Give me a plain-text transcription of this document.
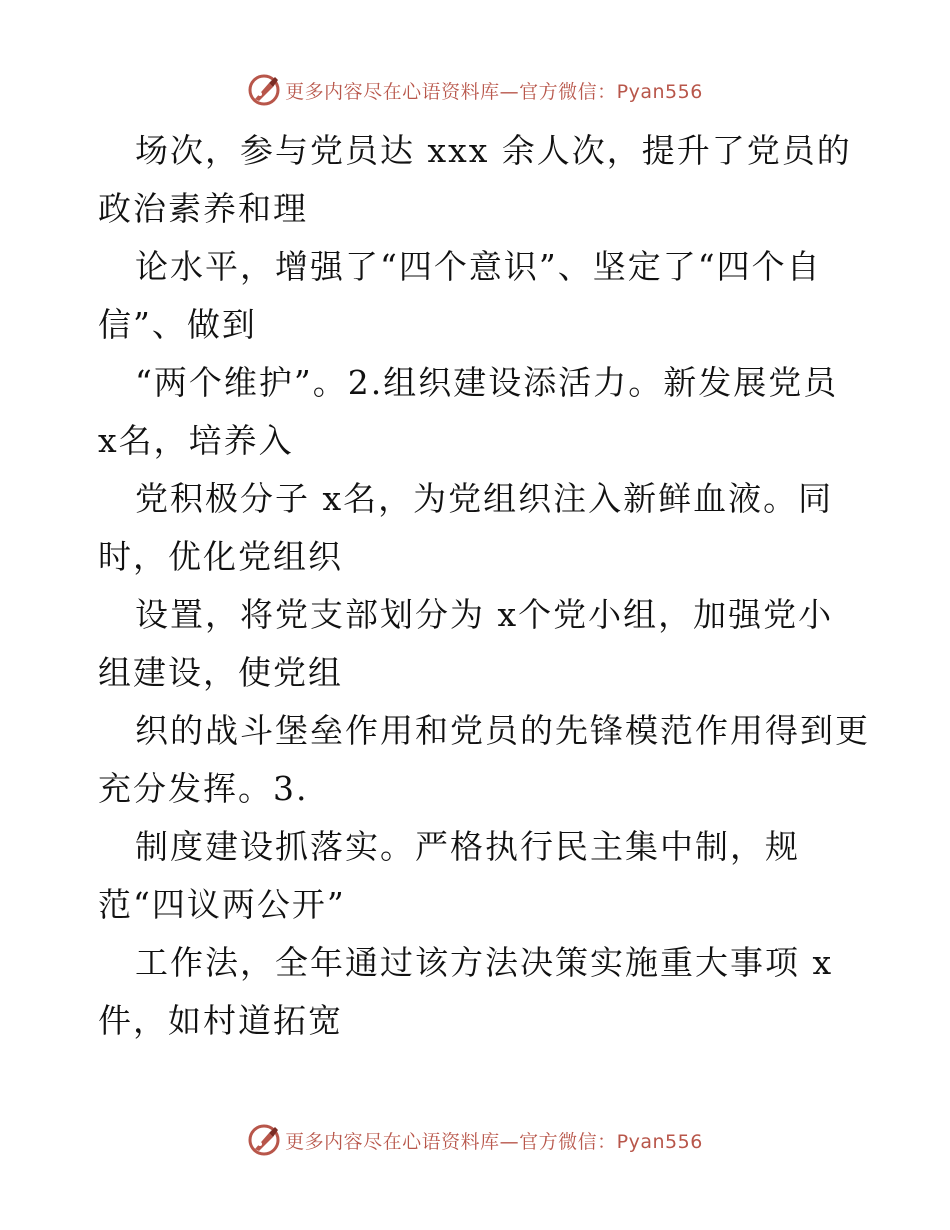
更多内容尽在心语资料库—官方微信：Pyan556
场次，参与党员达 xxx 余人次，提升了党员的
政治素养和理
论水平，增强了“四个意识”、坚定了“四个自
信”、做到
“两个维护”。2.组织建设添活力。新发展党员
x名，培养入
党积极分子 x名，为党组织注入新鲜血液。同
时，优化党组织
设置，将党支部划分为 x个党小组，加强党小
组建设，使党组
织的战斗堡垒作用和党员的先锋模范作用得到更
充分发挥。3.
制度建设抓落实。严格执行民主集中制，规
范“四议两公开”
工作法，全年通过该方法决策实施重大事项 x
件，如村道拓宽
更多内容尽在心语资料库—官方微信：Pyan556
